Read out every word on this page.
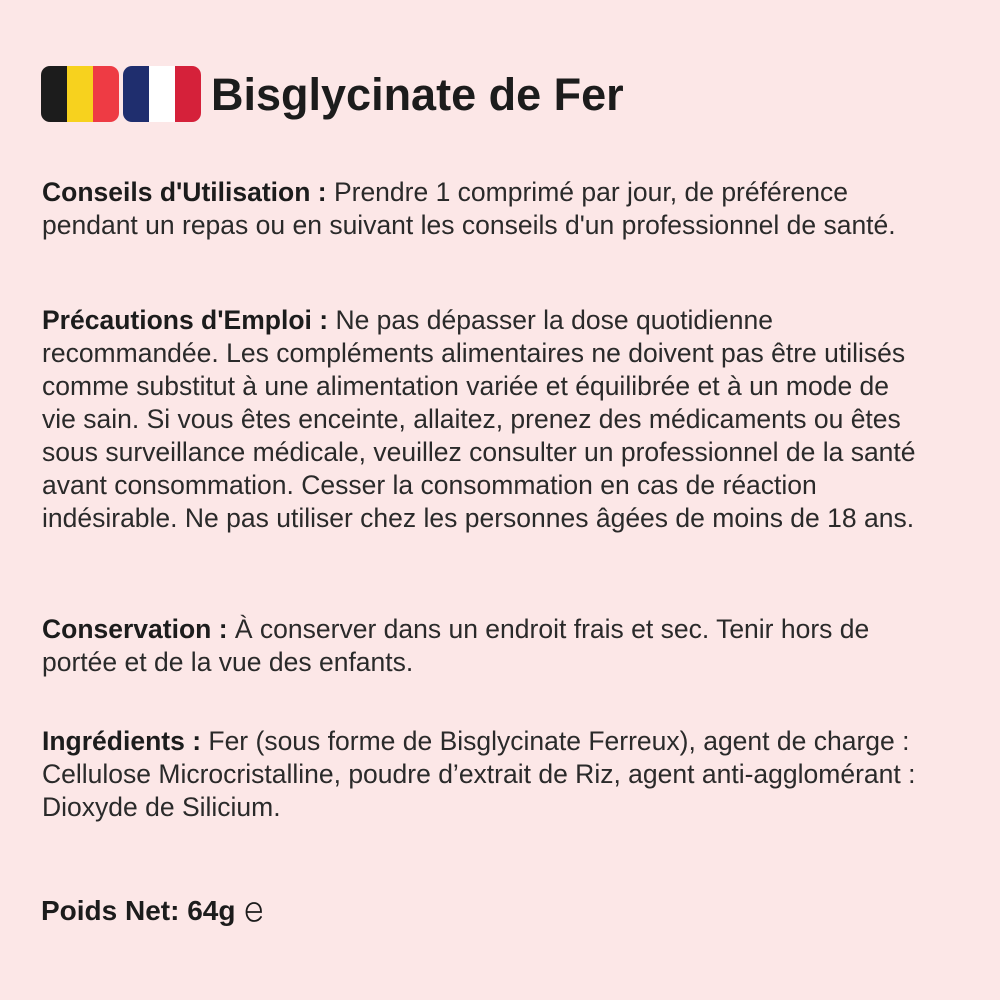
Bisglycinate de Fer
Conseils d'Utilisation : Prendre 1 comprimé par jour, de préférence pendant un repas ou en suivant les conseils d'un professionnel de santé.
Précautions d'Emploi : Ne pas dépasser la dose quotidienne recommandée. Les compléments alimentaires ne doivent pas être utilisés comme substitut à une alimentation variée et équilibrée et à un mode de vie sain. Si vous êtes enceinte, allaitez, prenez des médicaments ou êtes sous surveillance médicale, veuillez consulter un professionnel de la santé avant consommation. Cesser la consommation en cas de réaction indésirable. Ne pas utiliser chez les personnes âgées de moins de 18 ans.
Conservation : À conserver dans un endroit frais et sec. Tenir hors de portée et de la vue des enfants.
Ingrédients : Fer (sous forme de Bisglycinate Ferreux), agent de charge : Cellulose Microcristalline, poudre d’extrait de Riz, agent anti-agglomérant : Dioxyde de Silicium.
Poids Net: 64g
